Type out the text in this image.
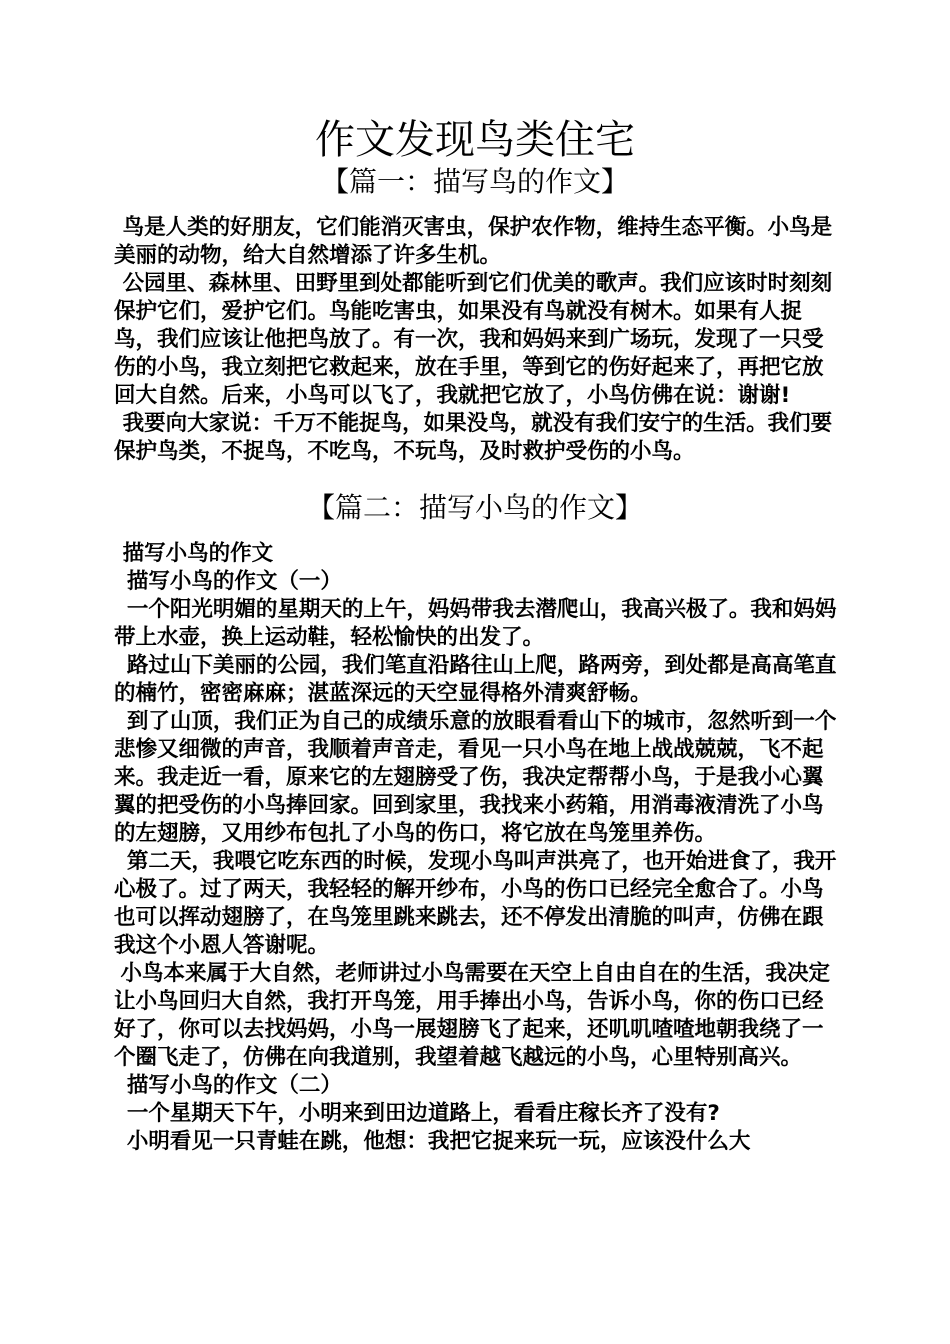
作文发现鸟类住宅
【篇一：描写鸟的作文】

鸟是人类的好朋友，它们能消灭害虫，保护农作物，维持生态平衡。小鸟是美丽的动物，给大自然增添了许多生机。

公园里、森林里、田野里到处都能听到它们优美的歌声。我们应该时时刻刻保护它们，爱护它们。鸟能吃害虫，如果没有鸟就没有树木。如果有人捉鸟，我们应该让他把鸟放了。有一次，我和妈妈来到广场玩，发现了一只受伤的小鸟，我立刻把它救起来，放在手里，等到它的伤好起来了，再把它放回大自然。后来，小鸟可以飞了，我就把它放了，小鸟仿佛在说：谢谢!

我要向大家说：千万不能捉鸟，如果没鸟，就没有我们安宁的生活。我们要保护鸟类，不捉鸟，不吃鸟，不玩鸟，及时救护受伤的小鸟。

【篇二：描写小鸟的作文】

描写小鸟的作文

描写小鸟的作文（一）

一个阳光明媚的星期天的上午，妈妈带我去潜爬山，我高兴极了。我和妈妈带上水壶，换上运动鞋，轻松愉快的出发了。

路过山下美丽的公园，我们笔直沿路往山上爬，路两旁，到处都是高高笔直的楠竹，密密麻麻；湛蓝深远的天空显得格外清爽舒畅。

到了山顶，我们正为自己的成绩乐意的放眼看看山下的城市，忽然听到一个悲惨又细微的声音，我顺着声音走，看见一只小鸟在地上战战兢兢，飞不起来。我走近一看，原来它的左翅膀受了伤，我决定帮帮小鸟，于是我小心翼翼的把受伤的小鸟捧回家。回到家里，我找来小药箱，用消毒液清洗了小鸟的左翅膀，又用纱布包扎了小鸟的伤口，将它放在鸟笼里养伤。

第二天，我喂它吃东西的时候，发现小鸟叫声洪亮了，也开始进食了，我开心极了。过了两天，我轻轻的解开纱布，小鸟的伤口已经完全愈合了。小鸟也可以挥动翅膀了，在鸟笼里跳来跳去，还不停发出清脆的叫声，仿佛在跟我这个小恩人答谢呢。

小鸟本来属于大自然，老师讲过小鸟需要在天空上自由自在的生活，我决定让小鸟回归大自然，我打开鸟笼，用手捧出小鸟，告诉小鸟，你的伤口已经好了，你可以去找妈妈，小鸟一展翅膀飞了起来，还叽叽喳喳地朝我绕了一个圈飞走了，仿佛在向我道别，我望着越飞越远的小鸟，心里特别高兴。

描写小鸟的作文（二）

一个星期天下午，小明来到田边道路上，看看庄稼长齐了没有?

小明看见一只青蛙在跳，他想：我把它捉来玩一玩，应该没什么大
